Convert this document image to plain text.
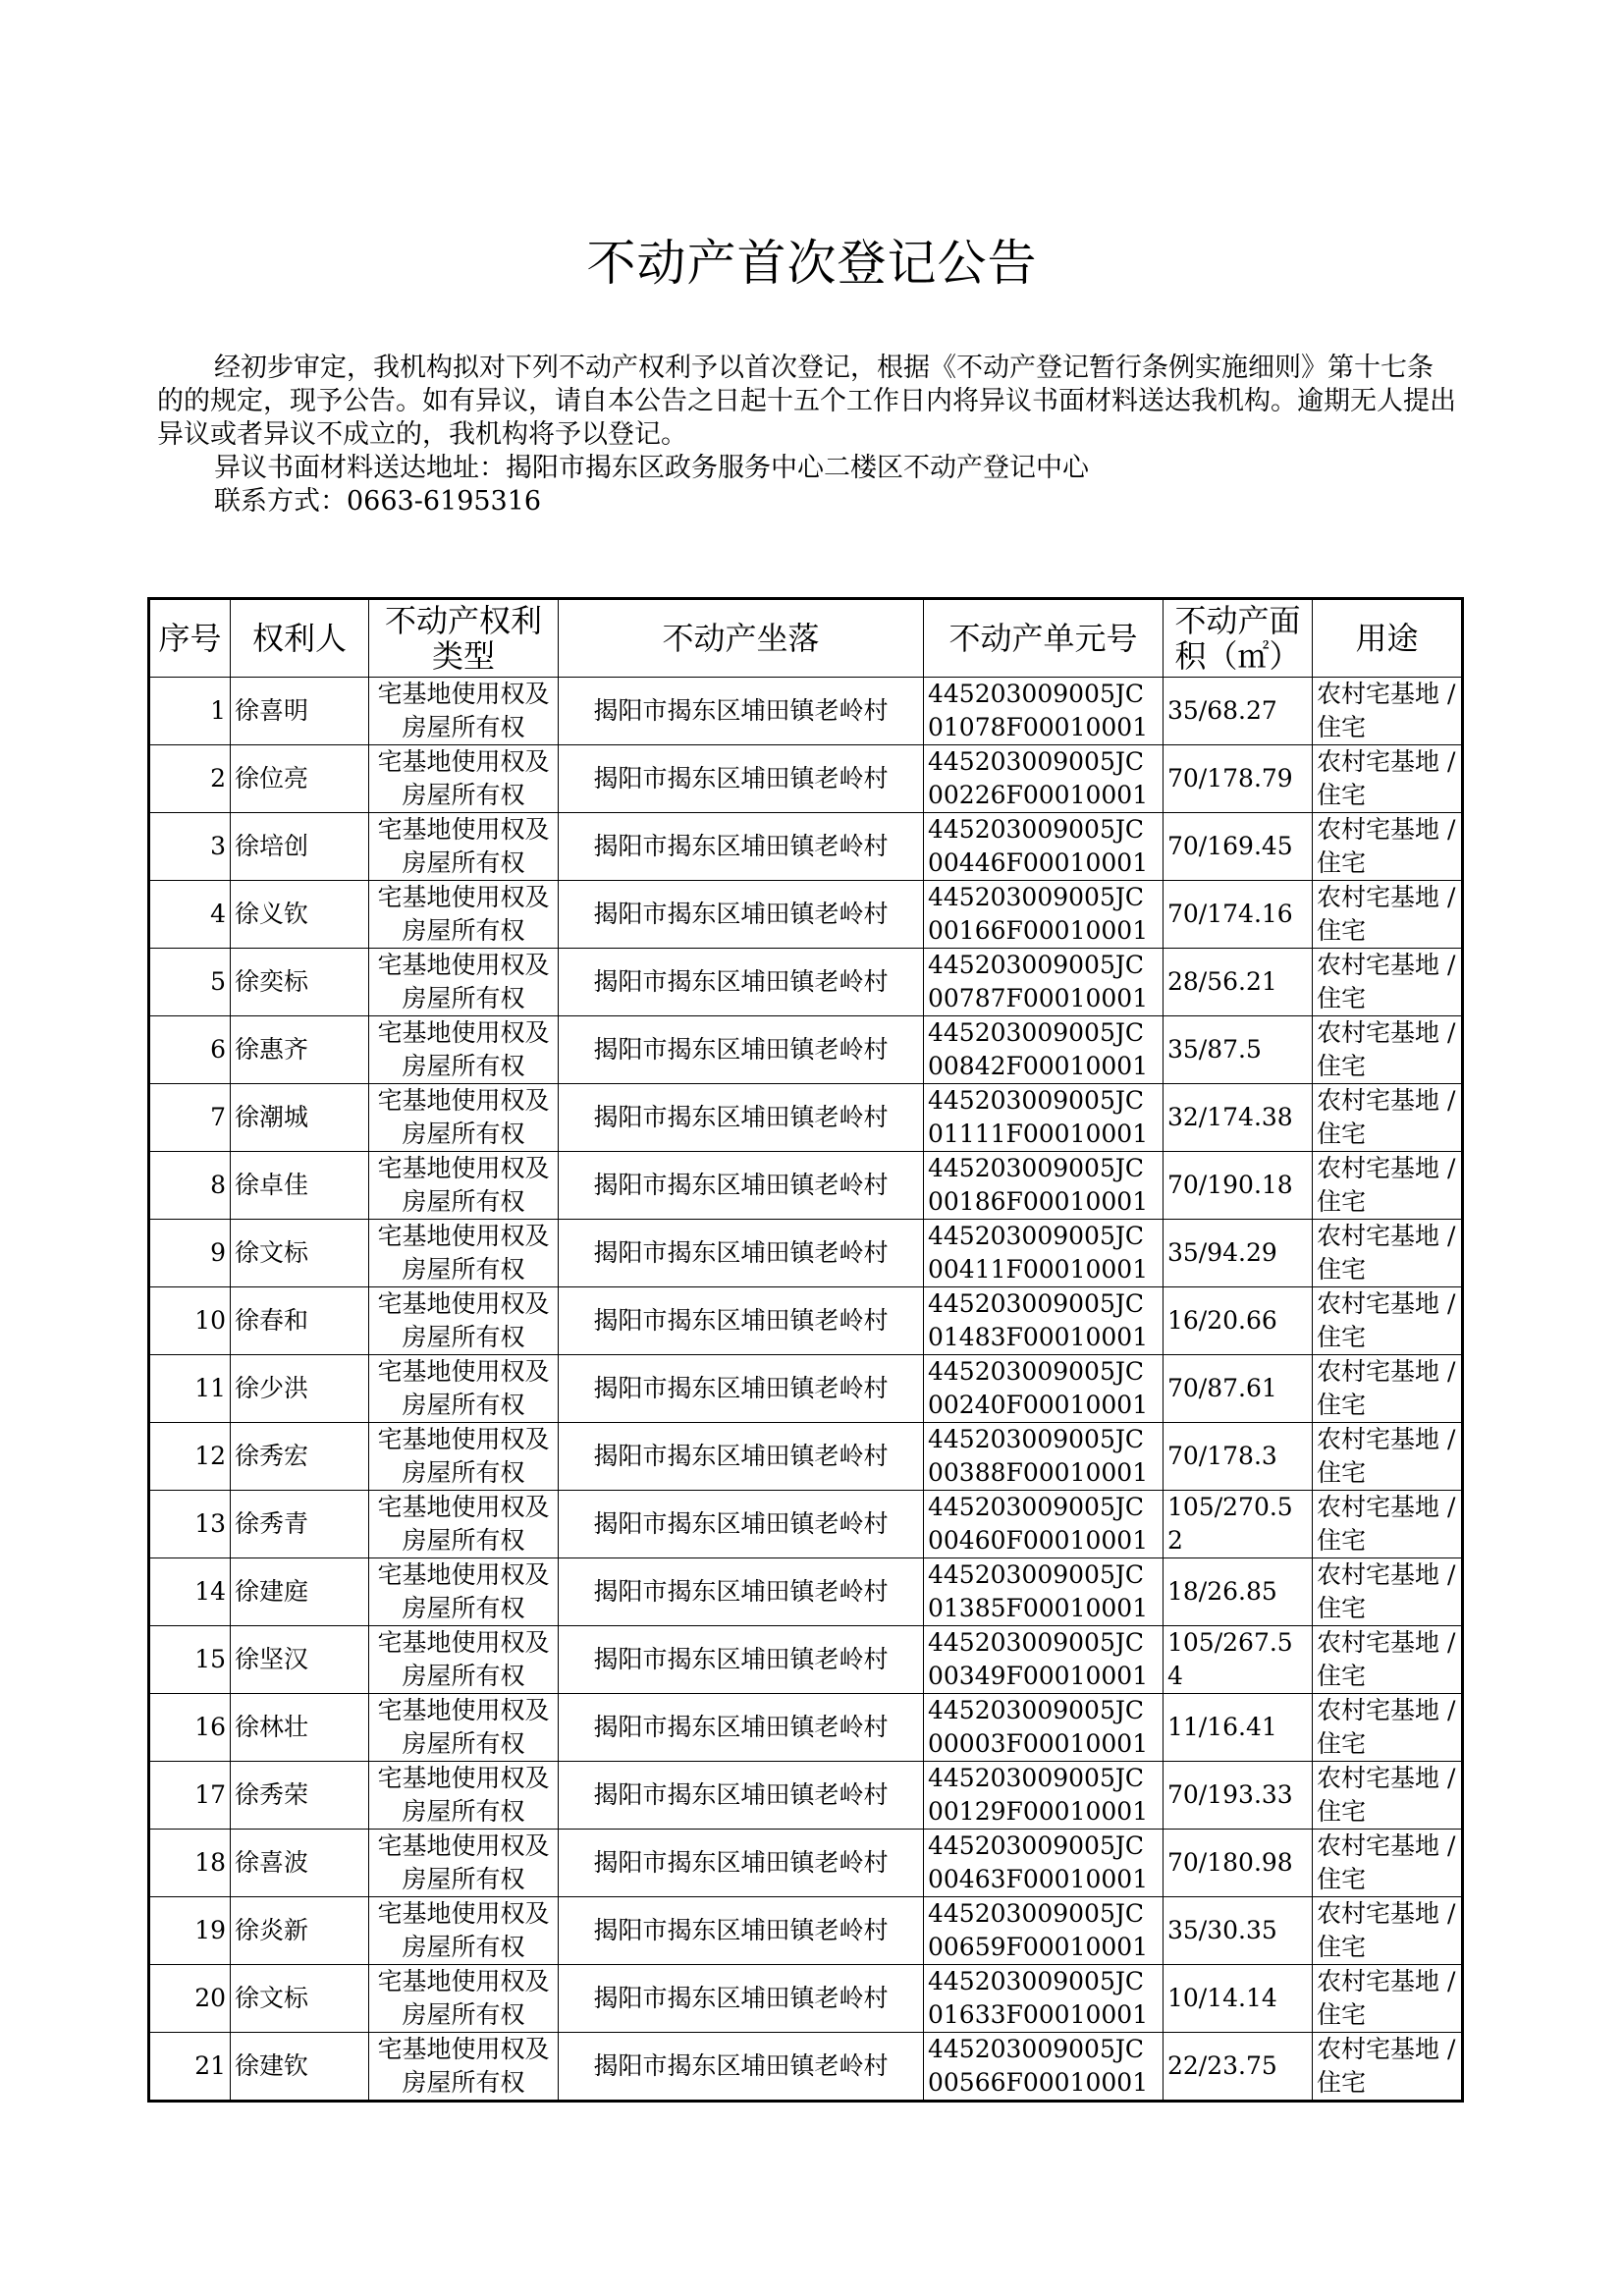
不动产首次登记公告

经初步审定，我机构拟对下列不动产权利予以首次登记，根据《不动产登记暂行条例实施细则》第十七条的的规定，现予公告。如有异议，请自本公告之日起十五个工作日内将异议书面材料送达我机构。逾期无人提出异议或者异议不成立的，我机构将予以登记。

异议书面材料送达地址：揭阳市揭东区政务服务中心二楼区不动产登记中心
联系方式：0663-6195316
序号	权利人	不动产权利类型	不动产坐落	不动产单元号	不动产面积（㎡）	用途
1	徐喜明	宅基地使用权及房屋所有权	揭阳市揭东区埔田镇老岭村	445203009005JC01078F00010001	35/68.27	农村宅基地 / 住宅
2	徐位亮	宅基地使用权及房屋所有权	揭阳市揭东区埔田镇老岭村	445203009005JC00226F00010001	70/178.79	农村宅基地 / 住宅
3	徐培创	宅基地使用权及房屋所有权	揭阳市揭东区埔田镇老岭村	445203009005JC00446F00010001	70/169.45	农村宅基地 / 住宅
4	徐义钦	宅基地使用权及房屋所有权	揭阳市揭东区埔田镇老岭村	445203009005JC00166F00010001	70/174.16	农村宅基地 / 住宅
5	徐奕标	宅基地使用权及房屋所有权	揭阳市揭东区埔田镇老岭村	445203009005JC00787F00010001	28/56.21	农村宅基地 / 住宅
6	徐惠齐	宅基地使用权及房屋所有权	揭阳市揭东区埔田镇老岭村	445203009005JC00842F00010001	35/87.5	农村宅基地 / 住宅
7	徐潮城	宅基地使用权及房屋所有权	揭阳市揭东区埔田镇老岭村	445203009005JC01111F00010001	32/174.38	农村宅基地 / 住宅
8	徐卓佳	宅基地使用权及房屋所有权	揭阳市揭东区埔田镇老岭村	445203009005JC00186F00010001	70/190.18	农村宅基地 / 住宅
9	徐文标	宅基地使用权及房屋所有权	揭阳市揭东区埔田镇老岭村	445203009005JC00411F00010001	35/94.29	农村宅基地 / 住宅
10	徐春和	宅基地使用权及房屋所有权	揭阳市揭东区埔田镇老岭村	445203009005JC01483F00010001	16/20.66	农村宅基地 / 住宅
11	徐少洪	宅基地使用权及房屋所有权	揭阳市揭东区埔田镇老岭村	445203009005JC00240F00010001	70/87.61	农村宅基地 / 住宅
12	徐秀宏	宅基地使用权及房屋所有权	揭阳市揭东区埔田镇老岭村	445203009005JC00388F00010001	70/178.3	农村宅基地 / 住宅
13	徐秀青	宅基地使用权及房屋所有权	揭阳市揭东区埔田镇老岭村	445203009005JC00460F00010001	105/270.52	农村宅基地 / 住宅
14	徐建庭	宅基地使用权及房屋所有权	揭阳市揭东区埔田镇老岭村	445203009005JC01385F00010001	18/26.85	农村宅基地 / 住宅
15	徐坚汉	宅基地使用权及房屋所有权	揭阳市揭东区埔田镇老岭村	445203009005JC00349F00010001	105/267.54	农村宅基地 / 住宅
16	徐林壮	宅基地使用权及房屋所有权	揭阳市揭东区埔田镇老岭村	445203009005JC00003F00010001	11/16.41	农村宅基地 / 住宅
17	徐秀荣	宅基地使用权及房屋所有权	揭阳市揭东区埔田镇老岭村	445203009005JC00129F00010001	70/193.33	农村宅基地 / 住宅
18	徐喜波	宅基地使用权及房屋所有权	揭阳市揭东区埔田镇老岭村	445203009005JC00463F00010001	70/180.98	农村宅基地 / 住宅
19	徐炎新	宅基地使用权及房屋所有权	揭阳市揭东区埔田镇老岭村	445203009005JC00659F00010001	35/30.35	农村宅基地 / 住宅
20	徐文标	宅基地使用权及房屋所有权	揭阳市揭东区埔田镇老岭村	445203009005JC01633F00010001	10/14.14	农村宅基地 / 住宅
21	徐建钦	宅基地使用权及房屋所有权	揭阳市揭东区埔田镇老岭村	445203009005JC00566F00010001	22/23.75	农村宅基地 / 住宅
